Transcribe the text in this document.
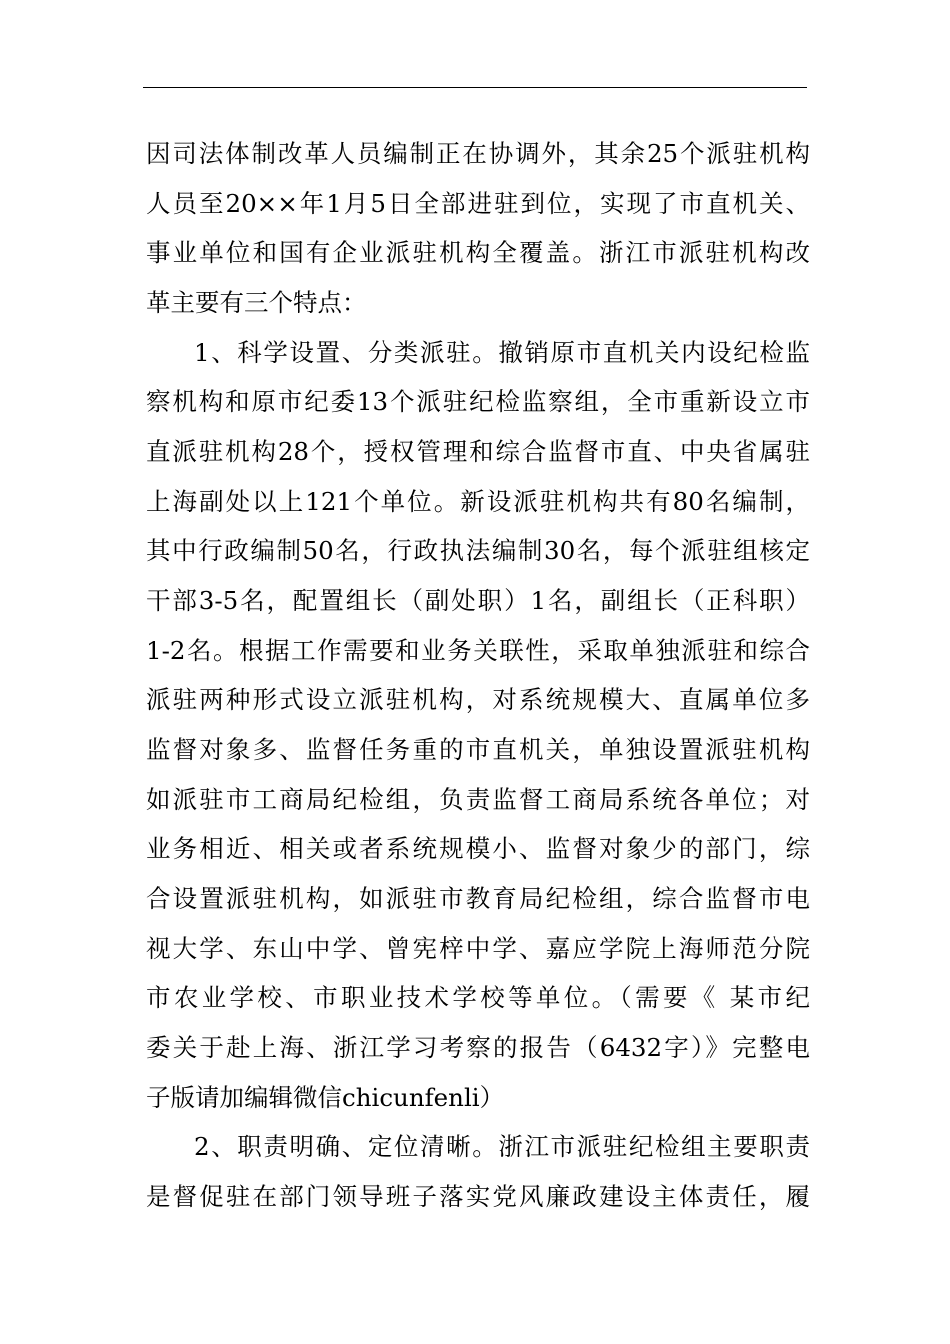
因司法体制改革人员编制正在协调外，其余25个派驻机构
人员至20××年1月5日全部进驻到位，实现了市直机关、
事业单位和国有企业派驻机构全覆盖。浙江市派驻机构改
革主要有三个特点：
1、科学设置、分类派驻。撤销原市直机关内设纪检监
察机构和原市纪委13个派驻纪检监察组，全市重新设立市
直派驻机构28个，授权管理和综合监督市直、中央省属驻
上海副处以上121个单位。新设派驻机构共有80名编制，
其中行政编制50名，行政执法编制30名，每个派驻组核定
干部3-5名，配置组长（副处职）1名，副组长（正科职）
1-2名。根据工作需要和业务关联性，采取单独派驻和综合
派驻两种形式设立派驻机构，对系统规模大、直属单位多
监督对象多、监督任务重的市直机关，单独设置派驻机构
如派驻市工商局纪检组，负责监督工商局系统各单位；对
业务相近、相关或者系统规模小、监督对象少的部门，综
合设置派驻机构，如派驻市教育局纪检组，综合监督市电
视大学、东山中学、曾宪梓中学、嘉应学院上海师范分院
市农业学校、市职业技术学校等单位。（需要《 某市纪
委关于赴上海、浙江学习考察的报告（6432字）》完整电
子版请加编辑微信chicunfenli）
2、职责明确、定位清晰。浙江市派驻纪检组主要职责
是督促驻在部门领导班子落实党风廉政建设主体责任，履
